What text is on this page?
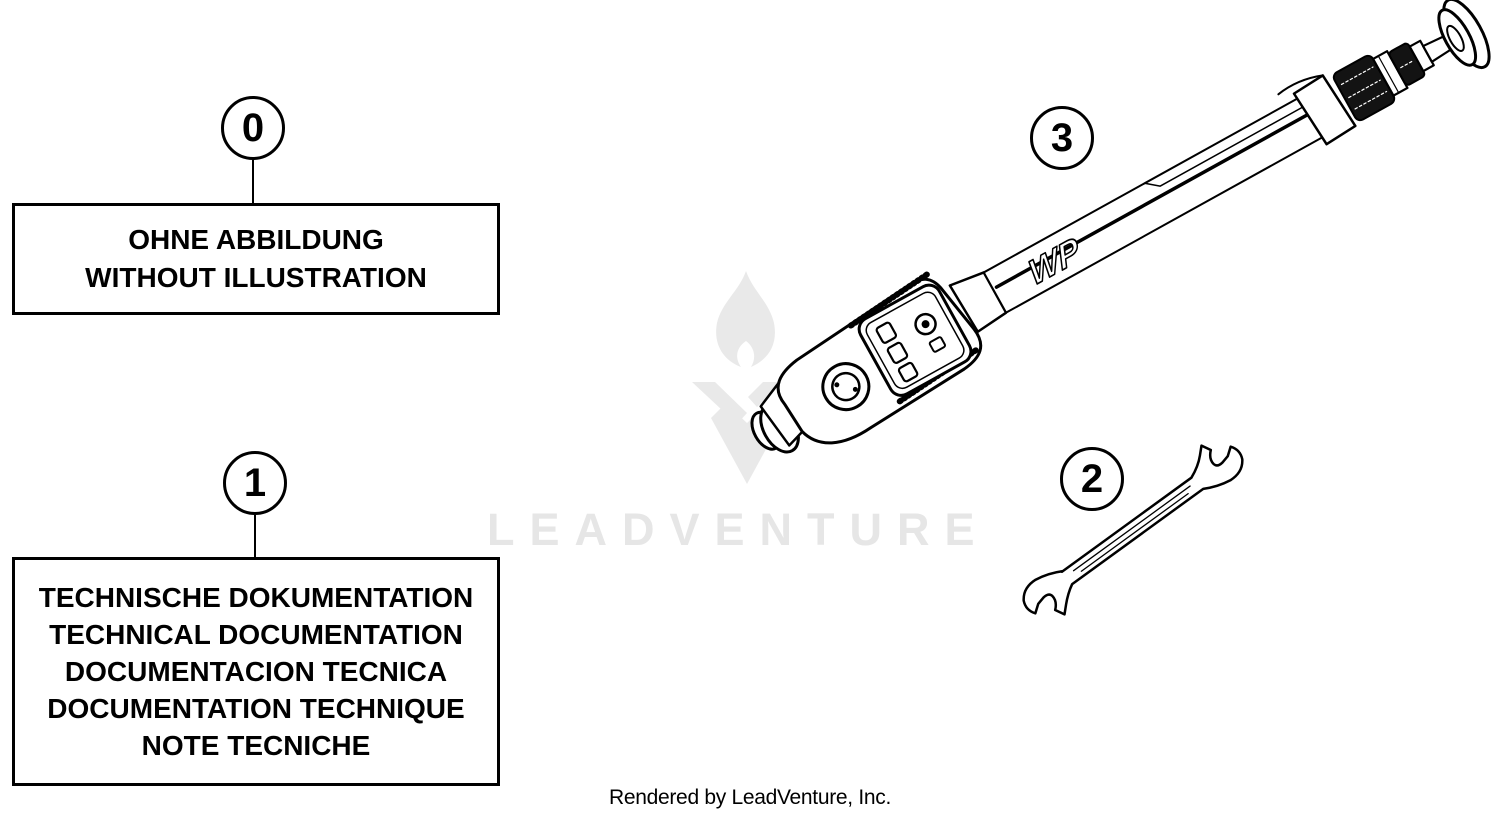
LEADVENTURE
WP
0
OHNE ABBILDUNG
WITHOUT ILLUSTRATION
1
TECHNISCHE DOKUMENTATION
TECHNICAL DOCUMENTATION
DOCUMENTACION TECNICA
DOCUMENTATION TECHNIQUE
NOTE TECNICHE
2
3
Rendered by LeadVenture, Inc.
